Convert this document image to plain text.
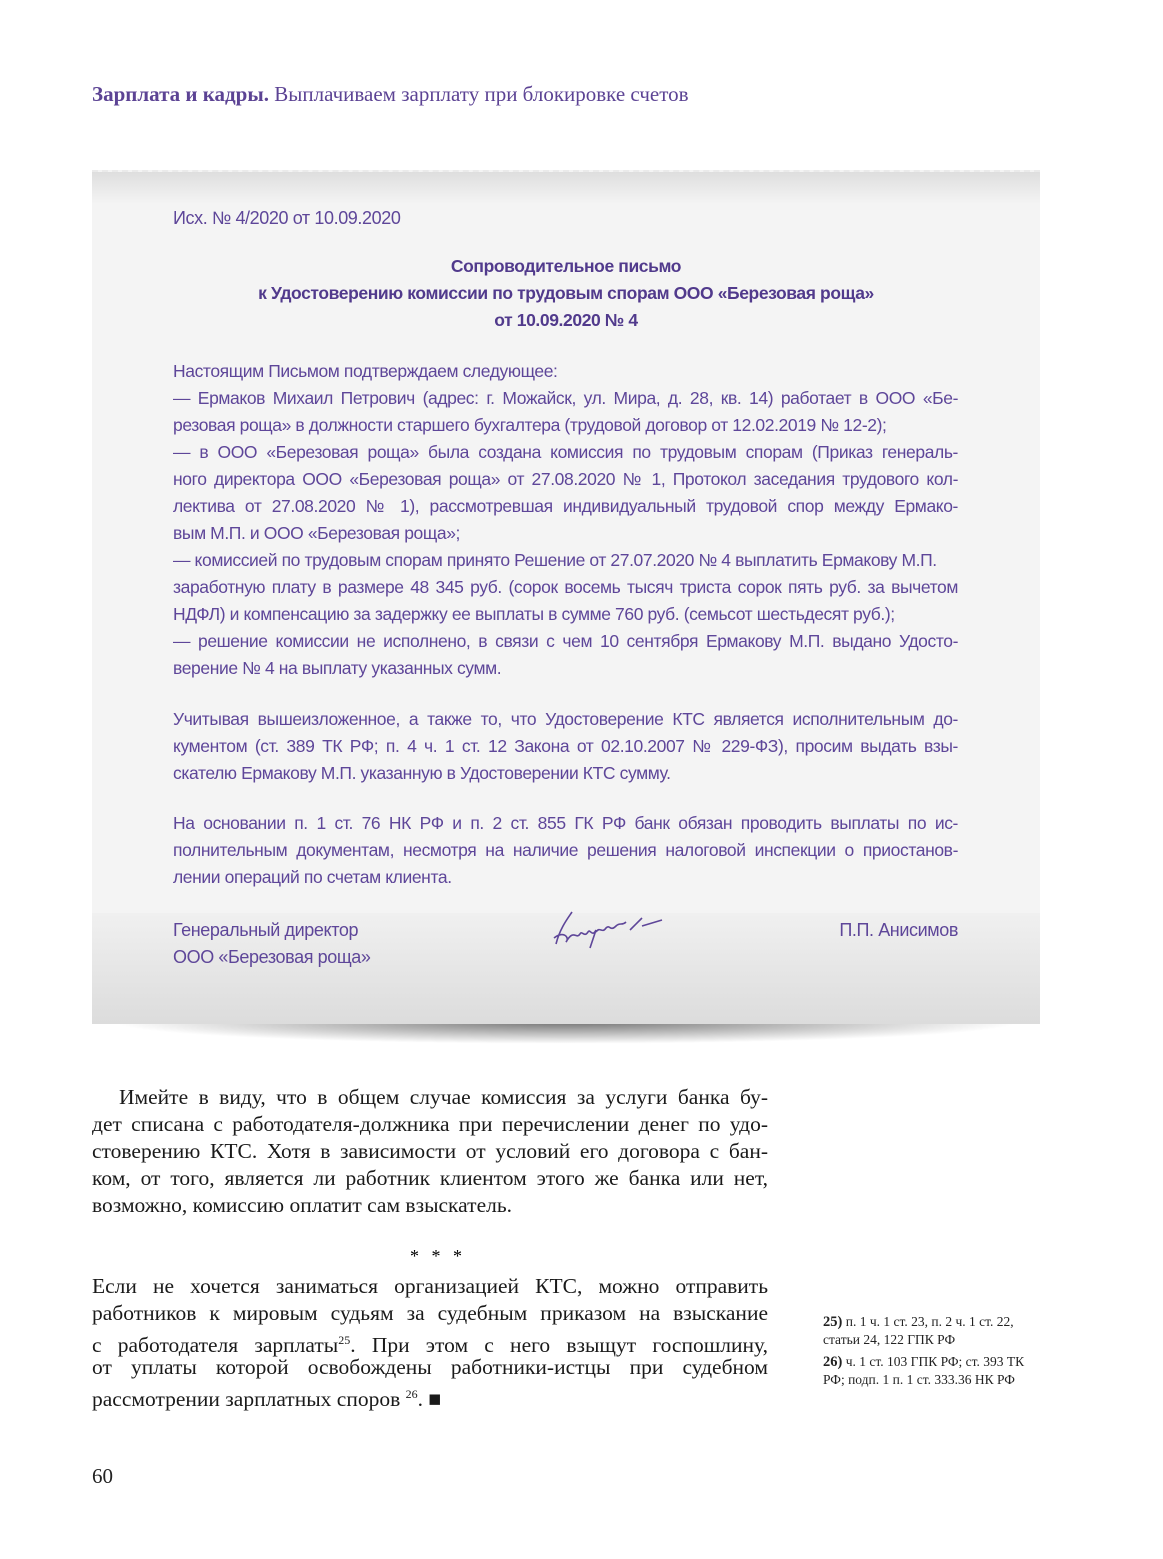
Зарплата и кадры. Выплачиваем зарплату при блокировке счетов
Исх. № 4/2020 от 10.09.2020
Сопроводительное письмо
к Удостоверению комиссии по трудовым спорам ООО «Березовая роща»
от 10.09.2020 № 4
Настоящим Письмом подтверждаем следующее:
— Ермаков Михаил Петрович (адрес: г. Можайск, ул. Мира, д. 28, кв. 14) работает в ООО «Бе-
резовая роща» в должности старшего бухгалтера (трудовой договор от 12.02.2019 № 12-2);
— в ООО «Березовая роща» была создана комиссия по трудовым спорам (Приказ генераль-
ного директора ООО «Березовая роща» от 27.08.2020 № 1, Протокол заседания трудового кол-
лектива от 27.08.2020 № 1), рассмотревшая индивидуальный трудовой спор между Ермако-
вым М.П. и ООО «Березовая роща»;
— комиссией по трудовым спорам принято Решение от 27.07.2020 № 4 выплатить Ермакову М.П.
заработную плату в размере 48 345 руб. (сорок восемь тысяч триста сорок пять руб. за вычетом
НДФЛ) и компенсацию за задержку ее выплаты в сумме 760 руб. (семьсот шестьдесят руб.);
— решение комиссии не исполнено, в связи с чем 10 сентября Ермакову М.П. выдано Удосто-
верение № 4 на выплату указанных сумм.
Учитывая вышеизложенное, а также то, что Удостоверение КТС является исполнительным до-
кументом (ст. 389 ТК РФ; п. 4 ч. 1 ст. 12 Закона от 02.10.2007 № 229-ФЗ), просим выдать взы-
скателю Ермакову М.П. указанную в Удостоверении КТС сумму.
На основании п. 1 ст. 76 НК РФ и п. 2 ст. 855 ГК РФ банк обязан проводить выплаты по ис-
полнительным документам, несмотря на наличие решения налоговой инспекции о приостанов-
лении операций по счетам клиента.
Генеральный директор
ООО «Березовая роща»
П.П. Анисимов
Имейте в виду, что в общем случае комиссия за услуги банка бу-
дет списана с работодателя-должника при перечислении денег по удо-
стоверению КТС. Хотя в зависимости от условий его договора с бан-
ком, от того, является ли работник клиентом этого же банка или нет,
возможно, комиссию оплатит сам взыскатель.
Если не хочется заниматься организацией КТС, можно отправить
работников к мировым судьям за судебным приказом на взыскание
с работодателя зарплаты$^{25}$. При этом с него взыщут госпошлину,
от уплаты которой освобождены работники-истцы при судебном
рассмотрении зарплатных споров $^{26}$. ■
* * *
25) п. 1 ч. 1 ст. 23, п. 2 ч. 1 ст. 22, статьи 24, 122 ГПК РФ
26) ч. 1 ст. 103 ГПК РФ; ст. 393 ТК РФ; подп. 1 п. 1 ст. 333.36 НК РФ
60
